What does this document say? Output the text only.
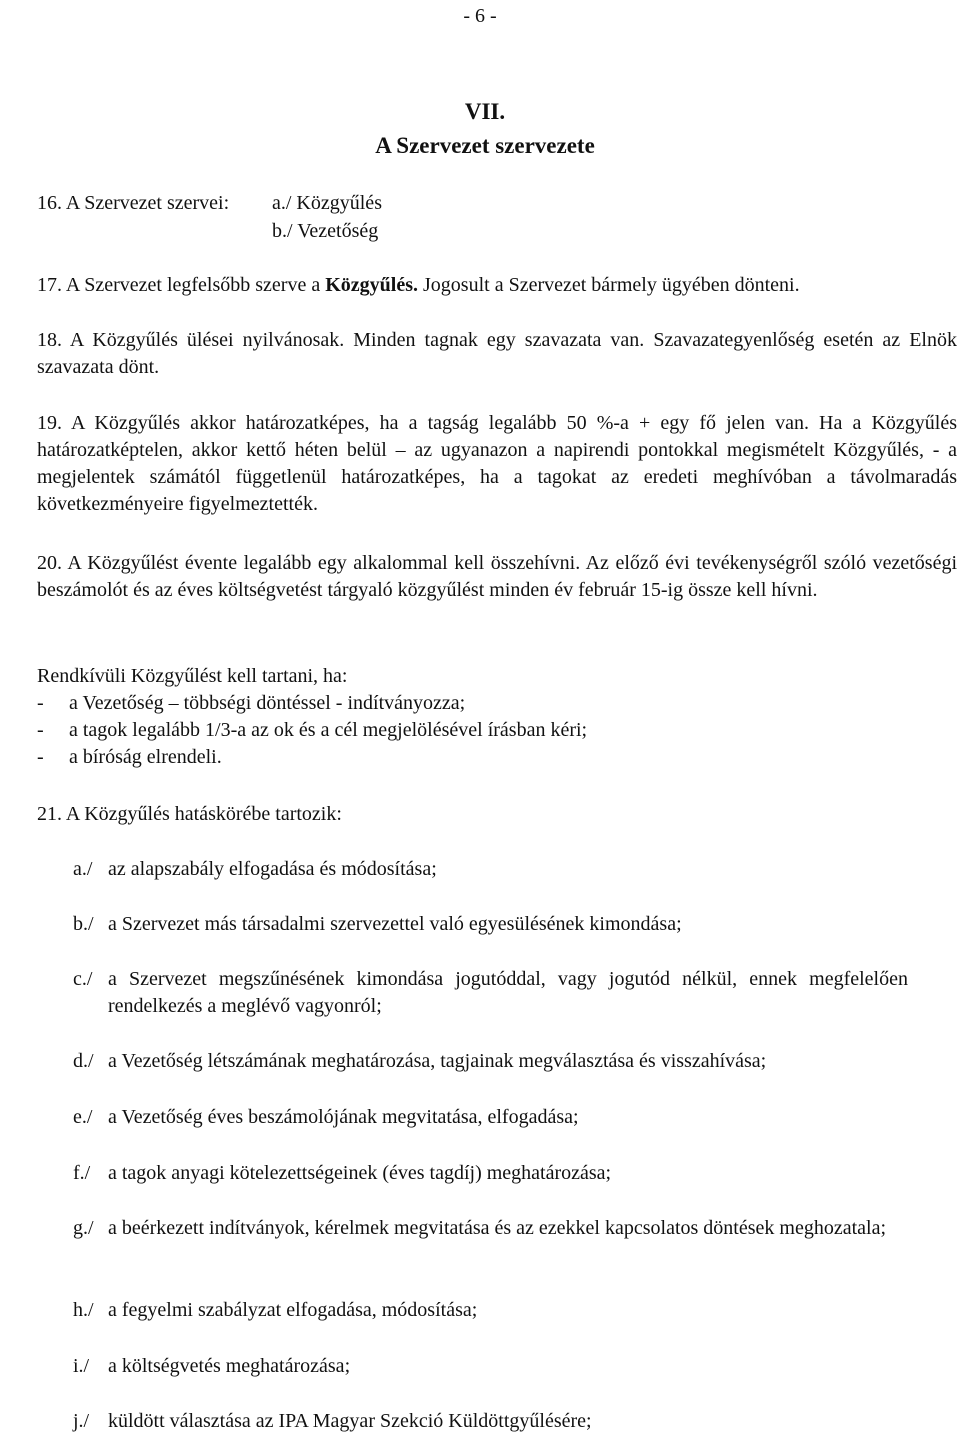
- 6 -
VII.
A Szervezet szervezete
16. A Szervezet szervei: a./ Közgyűlés
b./ Vezetőség
17. A Szervezet legfelsőbb szerve a Közgyűlés. Jogosult a Szervezet bármely ügyében dönteni.
18. A Közgyűlés ülései nyilvánosak. Minden tagnak egy szavazata van. Szavazategyenlőség esetén az Elnök szavazata dönt.
19. A Közgyűlés akkor határozatképes, ha a tagság legalább 50 %-a + egy fő jelen van. Ha a Közgyűlés határozatképtelen, akkor kettő héten belül – az ugyanazon a napirendi pontokkal megismételt Közgyűlés, - a megjelentek számától függetlenül határozatképes, ha a tagokat az eredeti meghívóban a távolmaradás következményeire figyelmeztették.
20. A Közgyűlést évente legalább egy alkalommal kell összehívni. Az előző évi tevékenységről szóló vezetőségi beszámolót és az éves költségvetést tárgyaló közgyűlést minden év február 15-ig össze kell hívni.
Rendkívüli Közgyűlést kell tartani, ha:
- a Vezetőség – többségi döntéssel - indítványozza;
- a tagok legalább 1/3-a az ok és a cél megjelölésével írásban kéri;
- a bíróság elrendeli.
21. A Közgyűlés hatáskörébe tartozik:
a./ az alapszabály elfogadása és módosítása;
b./ a Szervezet más társadalmi szervezettel való egyesülésének kimondása;
c./ a Szervezet megszűnésének kimondása jogutóddal, vagy jogutód nélkül, ennek megfelelően rendelkezés a meglévő vagyonról;
d./ a Vezetőség létszámának meghatározása, tagjainak megválasztása és visszahívása;
e./ a Vezetőség éves beszámolójának megvitatása, elfogadása;
f./ a tagok anyagi kötelezettségeinek (éves tagdíj) meghatározása;
g./ a beérkezett indítványok, kérelmek megvitatása és az ezekkel kapcsolatos döntések meghozatala;
h./ a fegyelmi szabályzat elfogadása, módosítása;
i./ a költségvetés meghatározása;
j./ küldött választása az IPA Magyar Szekció Küldöttgyűlésére;
